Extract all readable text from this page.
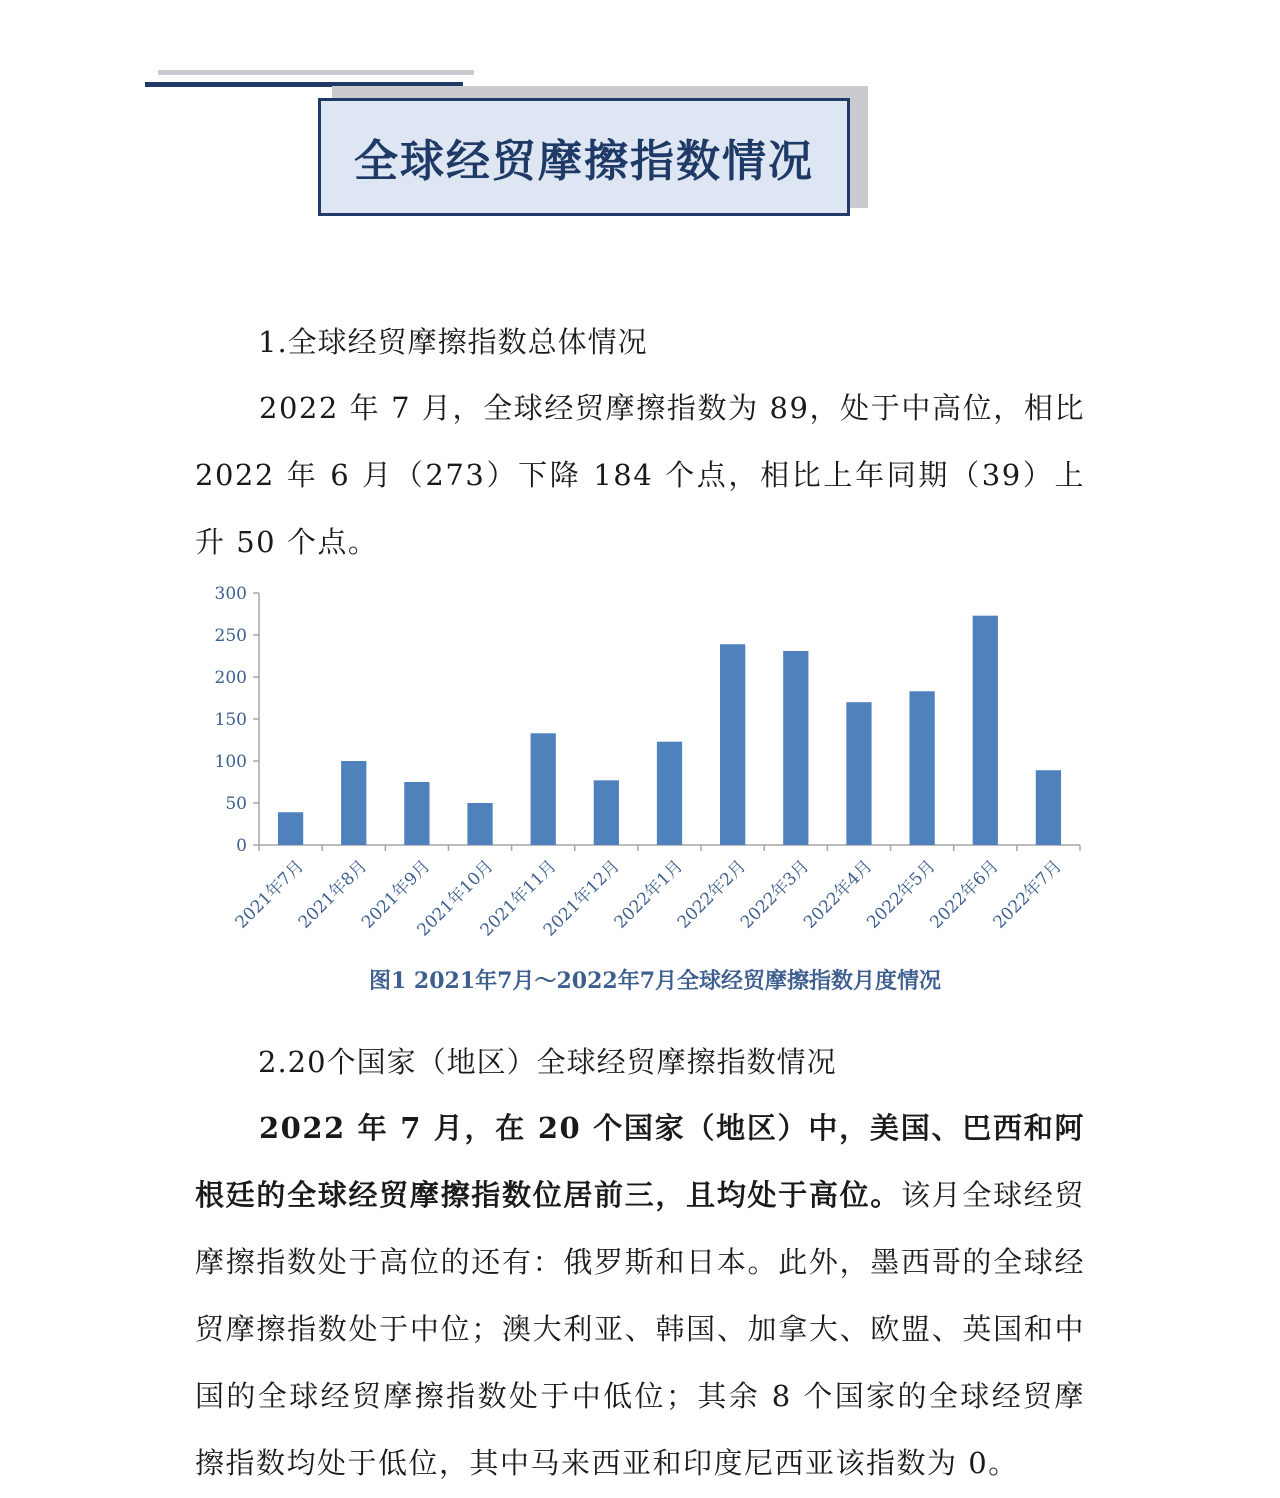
全球经贸摩擦指数情况
1.全球经贸摩擦指数总体情况

2022 年 7 月，全球经贸摩擦指数为 89，处于中高位，相比 2022 年 6 月（273）下降 184 个点，相比上年同期（39）上升 50 个点。

0
50
100
150
200
250
300
2021年7月
2021年8月
2021年9月
2021年10月
2021年11月
2021年12月
2022年1月
2022年2月
2022年3月
2022年4月
2022年5月
2022年6月
2022年7月
图1 2021年7月～2022年7月全球经贸摩擦指数月度情况
2.20个国家（地区）全球经贸摩擦指数情况

2022 年 7 月，在 20 个国家（地区）中，美国、巴西和阿根廷的全球经贸摩擦指数位居前三，且均处于高位。该月全球经贸摩擦指数处于高位的还有：俄罗斯和日本。此外，墨西哥的全球经贸摩擦指数处于中位；澳大利亚、韩国、加拿大、欧盟、英国和中国的全球经贸摩擦指数处于中低位；其余 8 个国家的全球经贸摩擦指数均处于低位，其中马来西亚和印度尼西亚该指数为 0。
